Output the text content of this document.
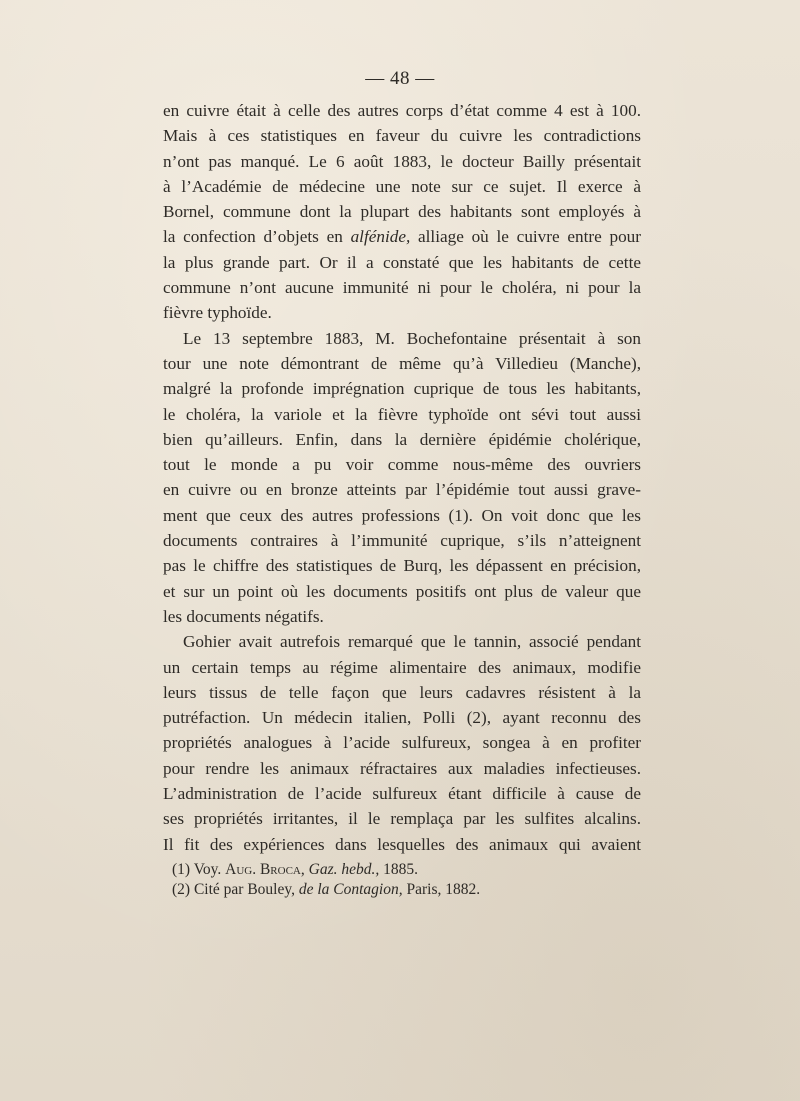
— 48 —
en cuivre était à celle des autres corps d’état comme 4 est à 100.
Mais à ces statistiques en faveur du cuivre les contradictions
n’ont pas manqué. Le 6 août 1883, le docteur Bailly présentait
à l’Académie de médecine une note sur ce sujet. Il exerce à
Bornel, commune dont la plupart des habitants sont employés à
la confection d’objets en alfénide, alliage où le cuivre entre pour
la plus grande part. Or il a constaté que les habitants de cette
commune n’ont aucune immunité ni pour le choléra, ni pour la
fièvre typhoïde.
Le 13 septembre 1883, M. Bochefontaine présentait à son
tour une note démontrant de même qu’à Villedieu (Manche),
malgré la profonde imprégnation cuprique de tous les habitants,
le choléra, la variole et la fièvre typhoïde ont sévi tout aussi
bien qu’ailleurs. Enfin, dans la dernière épidémie cholérique,
tout le monde a pu voir comme nous-même des ouvriers
en cuivre ou en bronze atteints par l’épidémie tout aussi grave-
ment que ceux des autres professions (1). On voit donc que les
documents contraires à l’immunité cuprique, s’ils n’atteignent
pas le chiffre des statistiques de Burq, les dépassent en précision,
et sur un point où les documents positifs ont plus de valeur que
les documents négatifs.
Gohier avait autrefois remarqué que le tannin, associé pendant
un certain temps au régime alimentaire des animaux, modifie
leurs tissus de telle façon que leurs cadavres résistent à la
putréfaction. Un médecin italien, Polli (2), ayant reconnu des
propriétés analogues à l’acide sulfureux, songea à en profiter
pour rendre les animaux réfractaires aux maladies infectieuses.
L’administration de l’acide sulfureux étant difficile à cause de
ses propriétés irritantes, il le remplaça par les sulfites alcalins.
Il fit des expériences dans lesquelles des animaux qui avaient
(1) Voy. Aug. Broca, Gaz. hebd., 1885.
(2) Cité par Bouley, de la Contagion, Paris, 1882.
